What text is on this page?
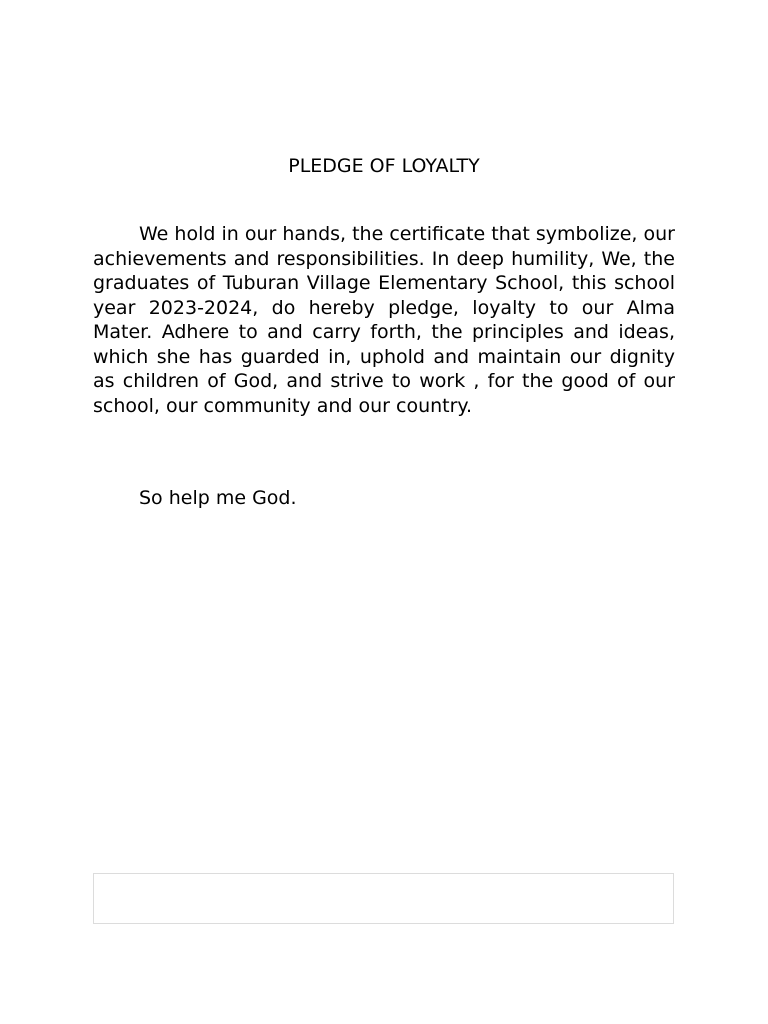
PLEDGE OF LOYALTY

We hold in our hands, the certificate that symbolize, our achievements and responsibilities. In deep humility, We, the graduates of Tuburan Village Elementary School, this school year 2023-2024, do hereby pledge, loyalty to our Alma Mater. Adhere to and carry forth, the principles and ideas, which she has guarded in, uphold and maintain our dignity as children of God, and strive to work , for the good of our school, our community and our country.

So help me God.
